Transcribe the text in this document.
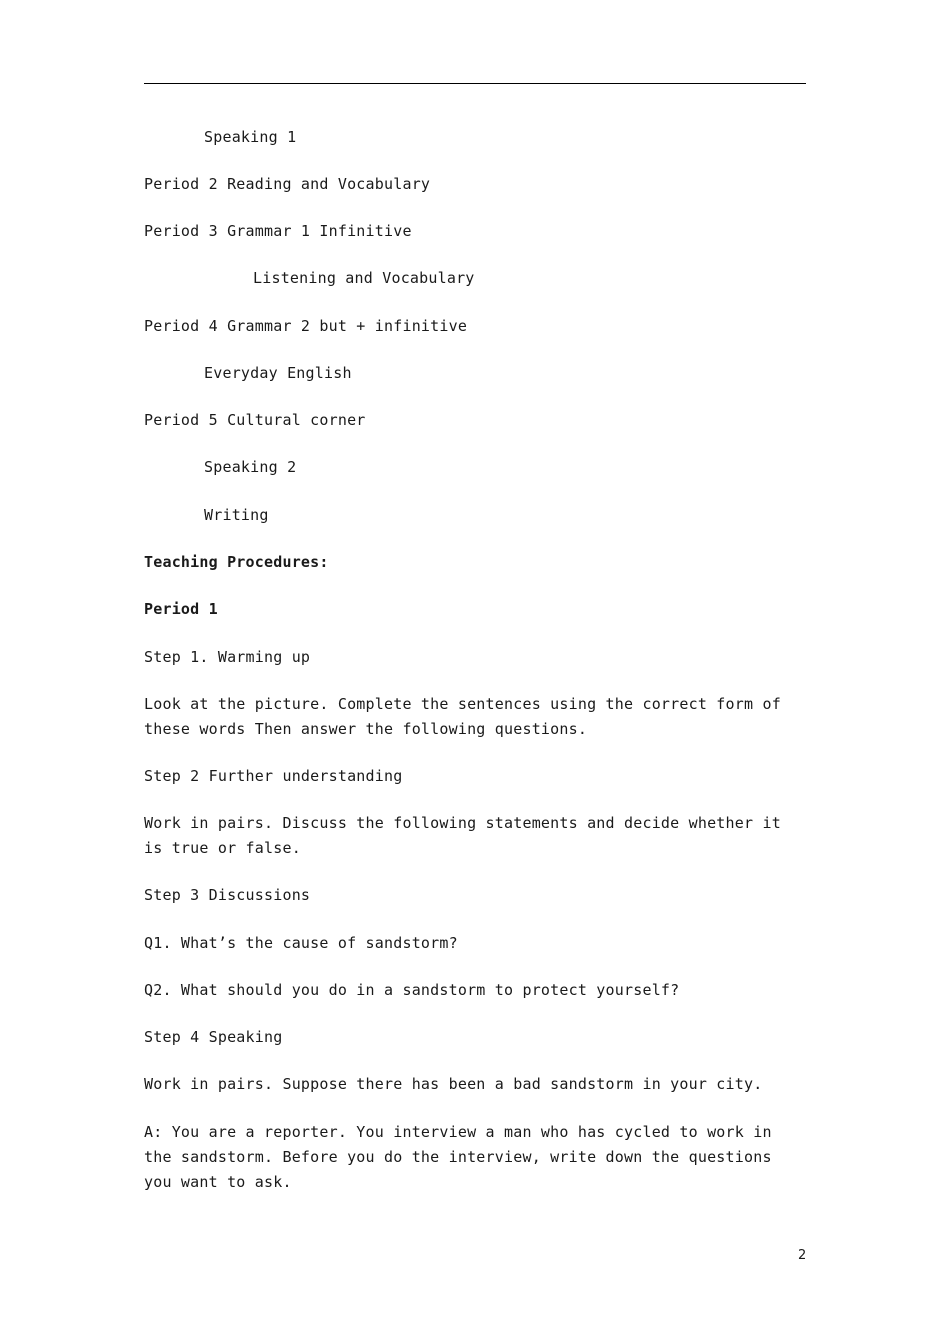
Speaking 1
Period 2 Reading and Vocabulary
Period 3 Grammar 1 Infinitive
Listening and Vocabulary
Period 4 Grammar 2 but + infinitive
Everyday English
Period 5 Cultural corner
Speaking 2
Writing
Teaching Procedures:
Period 1
Step 1. Warming up
Look at the picture. Complete the sentences using the correct form of these words Then answer the following questions.
Step 2 Further understanding
Work in pairs. Discuss the following statements and decide whether it is true or false.
Step 3 Discussions
Q1. What’s the cause of sandstorm?
Q2. What should you do in a sandstorm to protect yourself?
Step 4 Speaking
Work in pairs. Suppose there has been a bad sandstorm in your city.
A: You are a reporter. You interview a man who has cycled to work in the sandstorm. Before you do the interview, write down the questions you want to ask.
2
